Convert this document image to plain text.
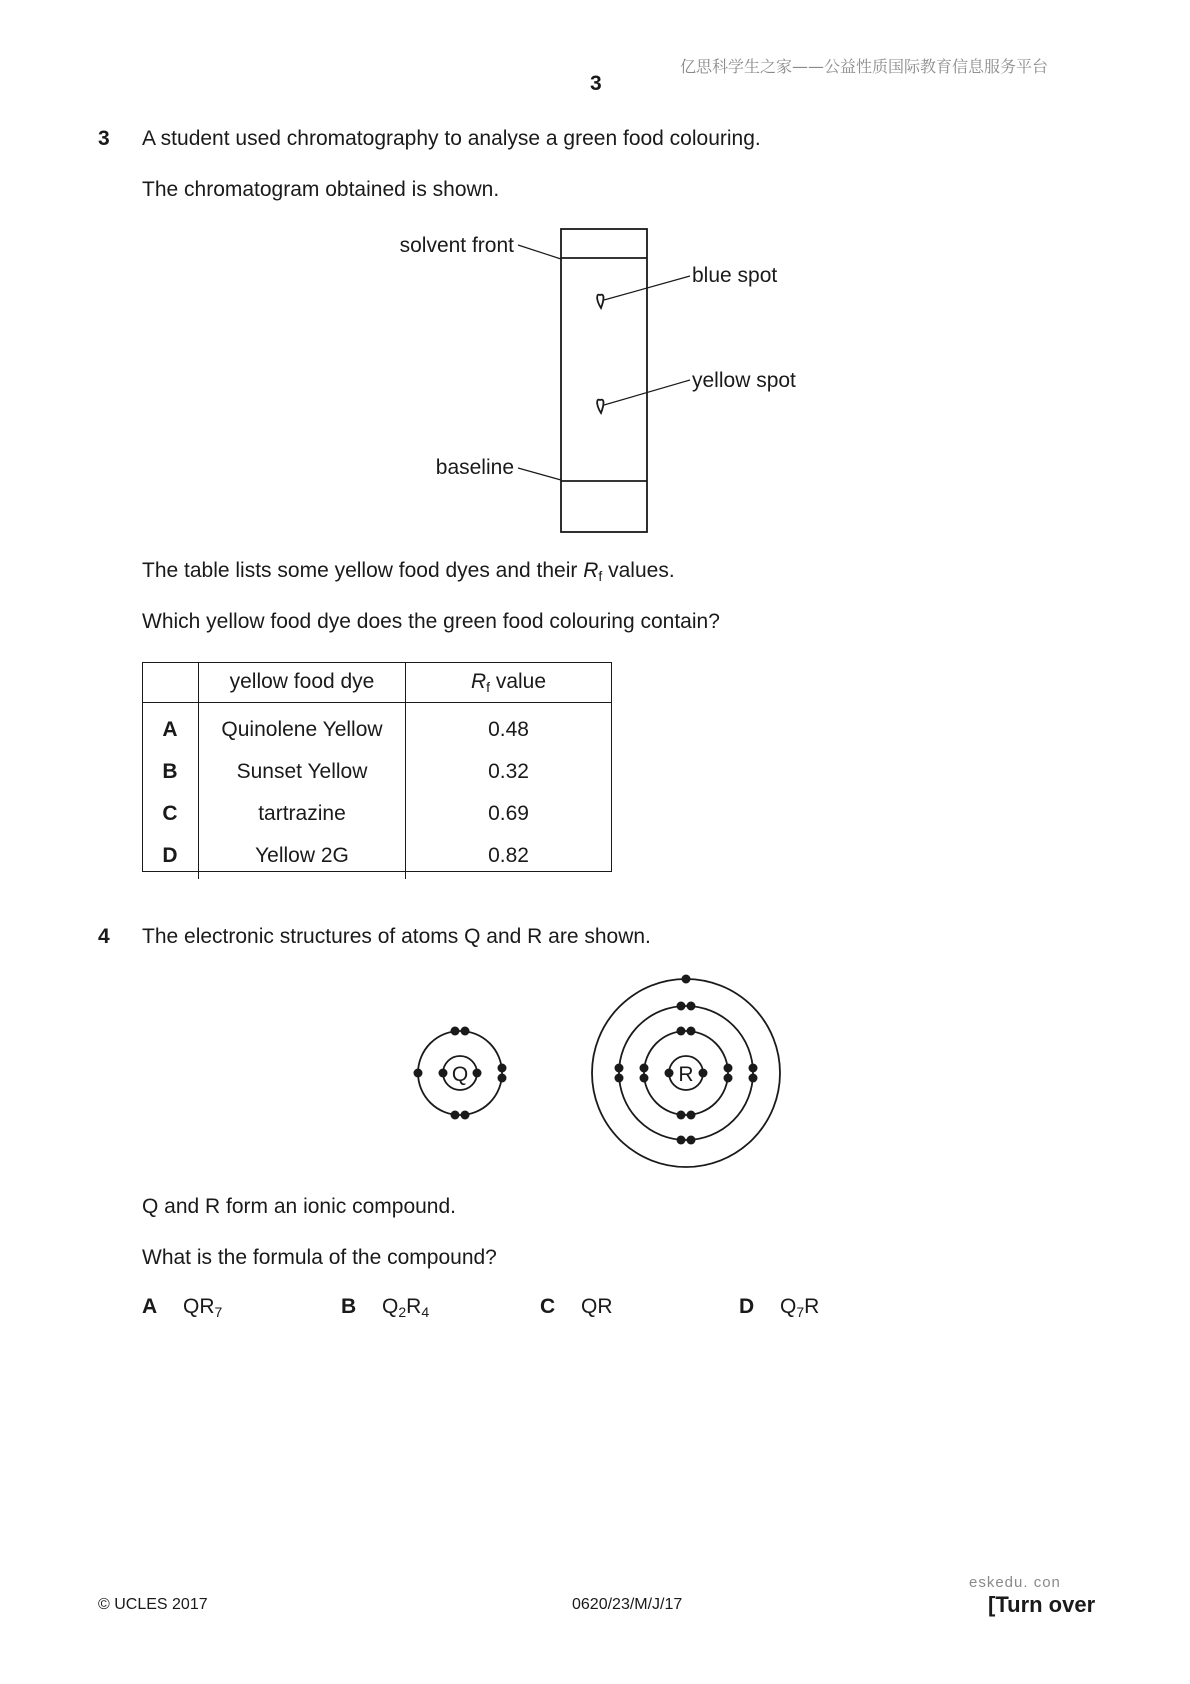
亿思科学生之家——公益性质国际教育信息服务平台
3
3 A student used chromatography to analyse a green food colouring.
The chromatogram obtained is shown.
solvent front
blue spot
yellow spot
baseline
The table lists some yellow food dyes and their $R_f$ values.
Which yellow food dye does the green food colouring contain?
	yellow food dye	$R_f$ value
A	Quinolene Yellow	0.48
B	Sunset Yellow	0.32
C	tartrazine	0.69
D	Yellow 2G	0.82
4 The electronic structures of atoms Q and R are shown.
Q	R
Q and R form an ionic compound.
What is the formula of the compound?
A $QR_7$	B $Q_2R_4$	C QR	D $Q_7R$
© UCLES 2017	0620/23/M/J/17
eskedu. con
[Turn over
